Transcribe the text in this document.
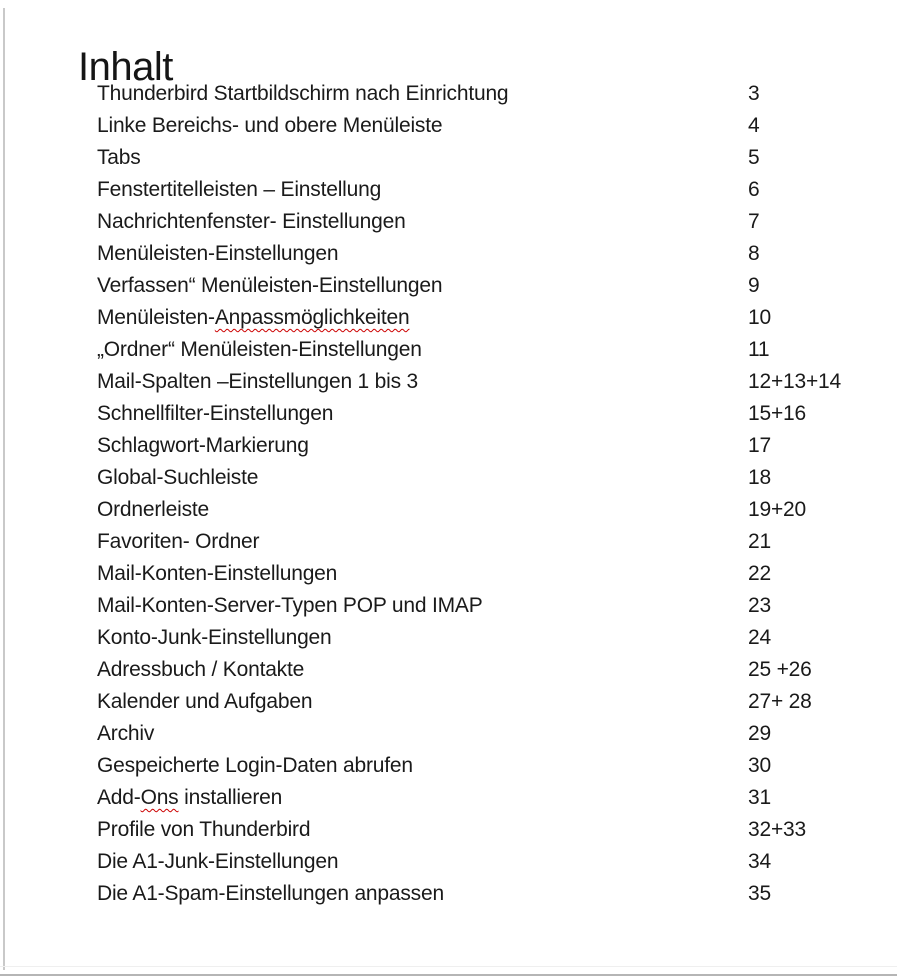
Inhalt
Thunderbird Startbildschirm nach Einrichtung	3
Linke Bereichs- und obere Menüleiste	4
Tabs	5
Fenstertitelleisten – Einstellung	6
Nachrichtenfenster- Einstellungen	7
Menüleisten-Einstellungen	8
Verfassen“ Menüleisten-Einstellungen	9
Menüleisten-Anpassmöglichkeiten	10
„Ordner“ Menüleisten-Einstellungen	11
Mail-Spalten –Einstellungen 1 bis 3	12+13+14
Schnellfilter-Einstellungen	15+16
Schlagwort-Markierung	17
Global-Suchleiste	18
Ordnerleiste	19+20
Favoriten- Ordner	21
Mail-Konten-Einstellungen	22
Mail-Konten-Server-Typen POP und IMAP	23
Konto-Junk-Einstellungen	24
Adressbuch / Kontakte	25 +26
Kalender und Aufgaben	27+ 28
Archiv	29
Gespeicherte Login-Daten abrufen	30
Add-Ons installieren	31
Profile von Thunderbird	32+33
Die A1-Junk-Einstellungen	34
Die A1-Spam-Einstellungen anpassen	35
